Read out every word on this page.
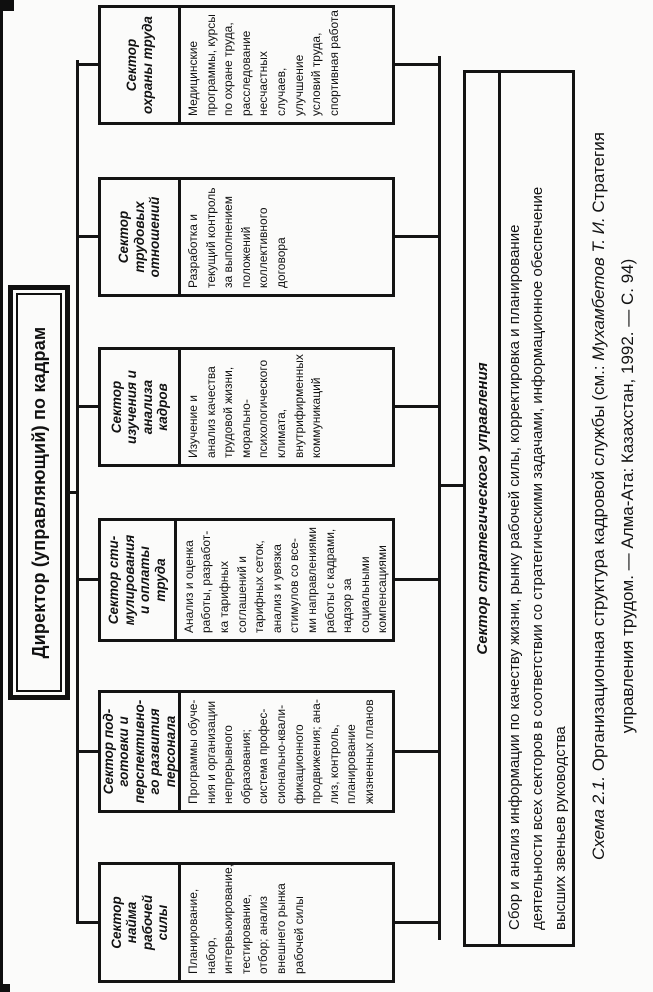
Директор (управляющий) по кадрам
Сектор найма рабочей силы Планирование, набор, интервьюирование, тестирование, отбор; анализ внешнего рынка рабочей силы
Сектор под- готовки и перспективно- го развития персонала Программы обуче- ния и организации непрерывного образования; система профес- сионально-квали- фикационного продвижения; ана- лиз, контроль, планирование жизненных планов
Сектор сти- мулирования и оплаты труда Анализ и оценка работы, разработ- ка тарифных соглашений и тарифных сеток, анализ и увязка стимулов со все- ми направлениями работы с кадрами, надзор за социальными компенсациями
Сектор изучения и анализа кадров Изучение и анализ качества трудовой жизни, морально- психологического климата, внутрифирменных коммуникаций
Сектор трудовых отношений Разработка и текущий контроль за выполнением положений коллективного договора
Сектор охраны труда	Медицинские программы, курсы по охране труда, расследование несчастных случаев, улучшение условий труда, спортивная работа
Сектор стратегического управления	Сбор и анализ информации по качеству жизни, рынку рабочей силы, корректировка и планирование деятельности всех секторов в соответствии со стратегическими задачами, информационное обеспечение высших звеньев руководства Схема 2.1. Организационная структура кадровой службы (см.: Мухамбетов Т. И. Стратегия
управления трудом. — Алма-Ата: Казахстан, 1992. — С. 94)
